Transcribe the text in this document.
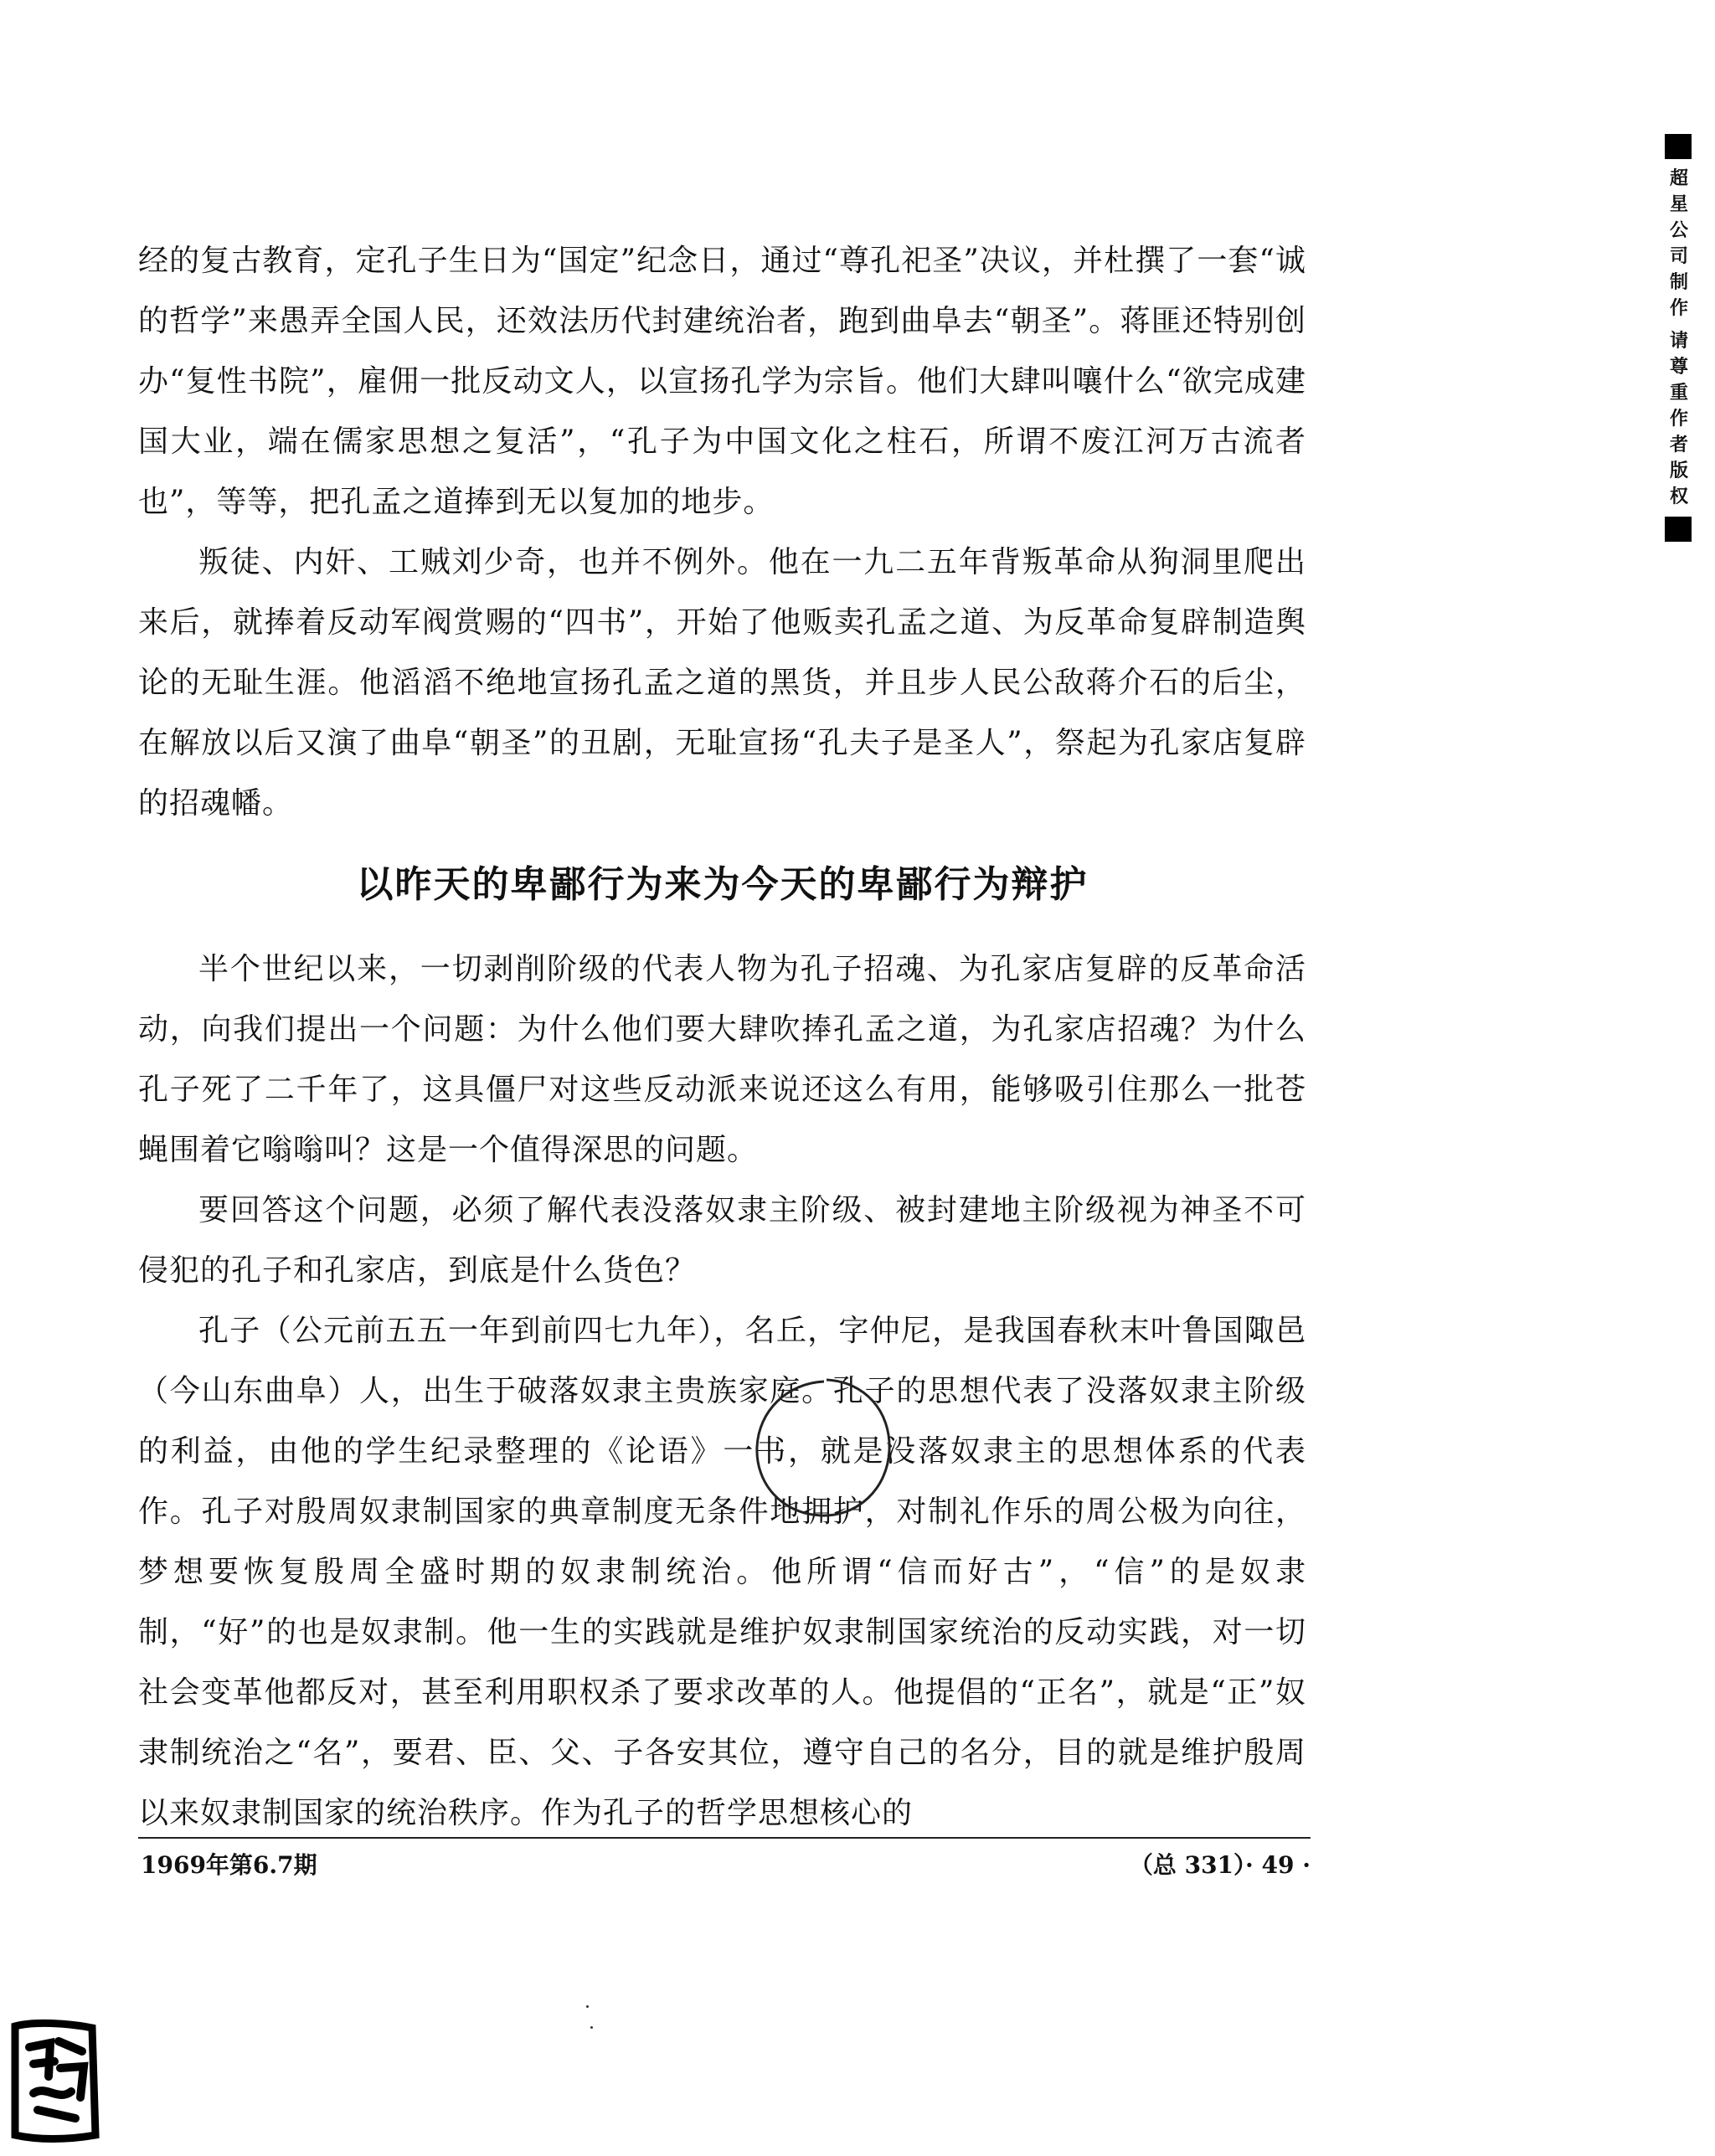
超星公司制作
请尊重作者版权

经的复古教育，定孔子生日为“国定”纪念日，通过“尊孔祀圣”决议，并杜撰了一套“诚的哲学”来愚弄全国人民，还效法历代封建统治者，跑到曲阜去“朝圣”。蒋匪还特别创办“复性书院”，雇佣一批反动文人，以宣扬孔学为宗旨。他们大肆叫嚷什么“欲完成建国大业，端在儒家思想之复活”，“孔子为中国文化之柱石，所谓不废江河万古流者也”，等等，把孔孟之道捧到无以复加的地步。

叛徒、内奸、工贼刘少奇，也并不例外。他在一九二五年背叛革命从狗洞里爬出来后，就捧着反动军阀赏赐的“四书”，开始了他贩卖孔孟之道、为反革命复辟制造舆论的无耻生涯。他滔滔不绝地宣扬孔孟之道的黑货，并且步人民公敌蒋介石的后尘，在解放以后又演了曲阜“朝圣”的丑剧，无耻宣扬“孔夫子是圣人”，祭起为孔家店复辟的招魂幡。

以昨天的卑鄙行为来为今天的卑鄙行为辩护

半个世纪以来，一切剥削阶级的代表人物为孔子招魂、为孔家店复辟的反革命活动，向我们提出一个问题：为什么他们要大肆吹捧孔孟之道，为孔家店招魂？为什么孔子死了二千年了，这具僵尸对这些反动派来说还这么有用，能够吸引住那么一批苍蝇围着它嗡嗡叫？这是一个值得深思的问题。

要回答这个问题，必须了解代表没落奴隶主阶级、被封建地主阶级视为神圣不可侵犯的孔子和孔家店，到底是什么货色？

孔子（公元前五五一年到前四七九年），名丘，字仲尼，是我国春秋末叶鲁国陬邑（今山东曲阜）人，出生于破落奴隶主贵族家庭。孔子的思想代表了没落奴隶主阶级的利益，由他的学生纪录整理的《论语》一书，就是没落奴隶主的思想体系的代表作。孔子对殷周奴隶制国家的典章制度无条件地拥护，对制礼作乐的周公极为向往，梦想要恢复殷周全盛时期的奴隶制统治。他所谓“信而好古”，“信”的是奴隶制，“好”的也是奴隶制。他一生的实践就是维护奴隶制国家统治的反动实践，对一切社会变革他都反对，甚至利用职权杀了要求改革的人。他提倡的“正名”，就是“正”奴隶制统治之“名”，要君、臣、父、子各安其位，遵守自己的名分，目的就是维护殷周以来奴隶制国家的统治秩序。作为孔子的哲学思想核心的

1969年第6.7期	（总 331）· 49 ·
